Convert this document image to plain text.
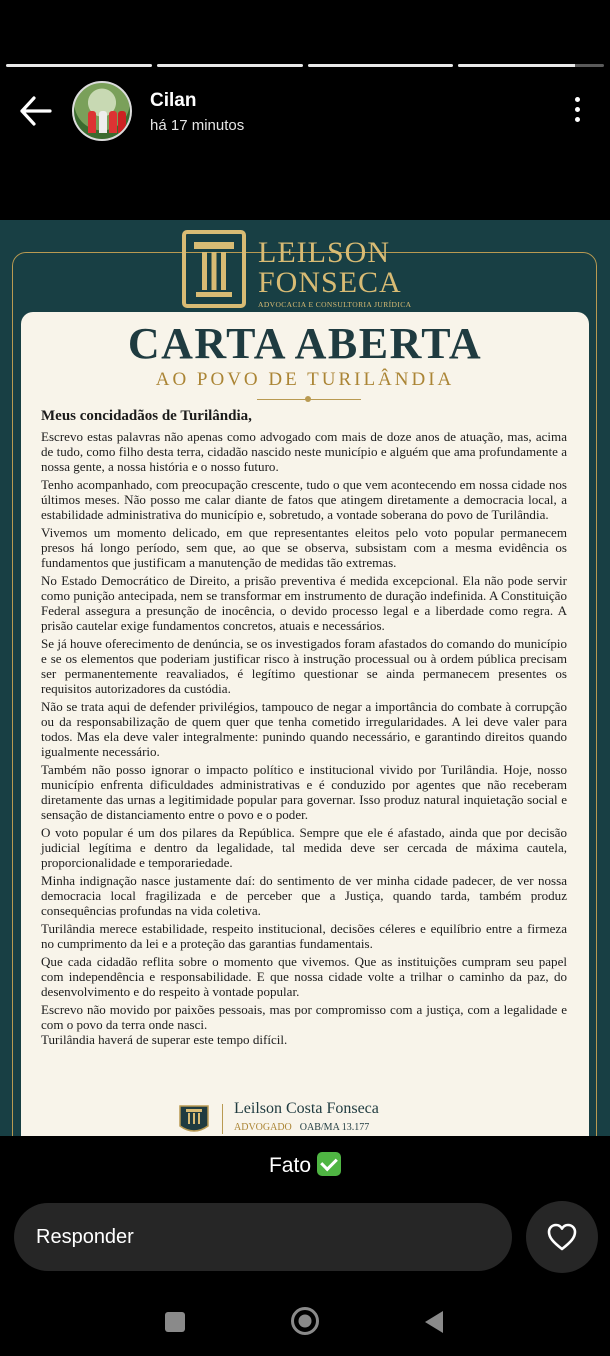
Cilan
há 17 minutos
LEILSON
FONSECA
ADVOCACIA E CONSULTORIA JURÍDICA
CARTA ABERTA
AO POVO DE TURILÂNDIA

Meus concidadãos de Turilândia,

Escrevo estas palavras não apenas como advogado com mais de doze anos de atuação, mas, acima de tudo, como filho desta terra, cidadão nascido neste município e alguém que ama profundamente a nossa gente, a nossa história e o nosso futuro.

Tenho acompanhado, com preocupação crescente, tudo o que vem acontecendo em nossa cidade nos últimos meses. Não posso me calar diante de fatos que atingem diretamente a democracia local, a estabilidade administrativa do município e, sobretudo, a vontade soberana do povo de Turilândia.

Vivemos um momento delicado, em que representantes eleitos pelo voto popular permanecem presos há longo período, sem que, ao que se observa, subsistam com a mesma evidência os fundamentos que justificam a manutenção de medidas tão extremas.

No Estado Democrático de Direito, a prisão preventiva é medida excepcional. Ela não pode servir como punição antecipada, nem se transformar em instrumento de duração indefinida. A Constituição Federal assegura a presunção de inocência, o devido processo legal e a liberdade como regra. A prisão cautelar exige fundamentos concretos, atuais e necessários.

Se já houve oferecimento de denúncia, se os investigados foram afastados do comando do município e se os elementos que poderiam justificar risco à instrução processual ou à ordem pública precisam ser permanentemente reavaliados, é legítimo questionar se ainda permanecem presentes os requisitos autorizadores da custódia.

Não se trata aqui de defender privilégios, tampouco de negar a importância do combate à corrupção ou da responsabilização de quem quer que tenha cometido irregularidades. A lei deve valer para todos. Mas ela deve valer integralmente: punindo quando necessário, e garantindo direitos quando igualmente necessário.

Também não posso ignorar o impacto político e institucional vivido por Turilândia. Hoje, nosso município enfrenta dificuldades administrativas e é conduzido por agentes que não receberam diretamente das urnas a legitimidade popular para governar. Isso produz natural inquietação social e sensação de distanciamento entre o povo e o poder.

O voto popular é um dos pilares da República. Sempre que ele é afastado, ainda que por decisão judicial legítima e dentro da legalidade, tal medida deve ser cercada de máxima cautela, proporcionalidade e temporariedade.

Minha indignação nasce justamente daí: do sentimento de ver minha cidade padecer, de ver nossa democracia local fragilizada e de perceber que a Justiça, quando tarda, também produz consequências profundas na vida coletiva.

Turilândia merece estabilidade, respeito institucional, decisões céleres e equilíbrio entre a firmeza no cumprimento da lei e a proteção das garantias fundamentais.

Que cada cidadão reflita sobre o momento que vivemos. Que as instituições cumpram seu papel com independência e responsabilidade. E que nossa cidade volte a trilhar o caminho da paz, do desenvolvimento e do respeito à vontade popular.

Escrevo não movido por paixões pessoais, mas por compromisso com a justiça, com a legalidade e com o povo da terra onde nasci.

Turilândia haverá de superar este tempo difícil.

Leilson Costa Fonseca
ADVOGADO OAB/MA 13.177
Fato
Responder
